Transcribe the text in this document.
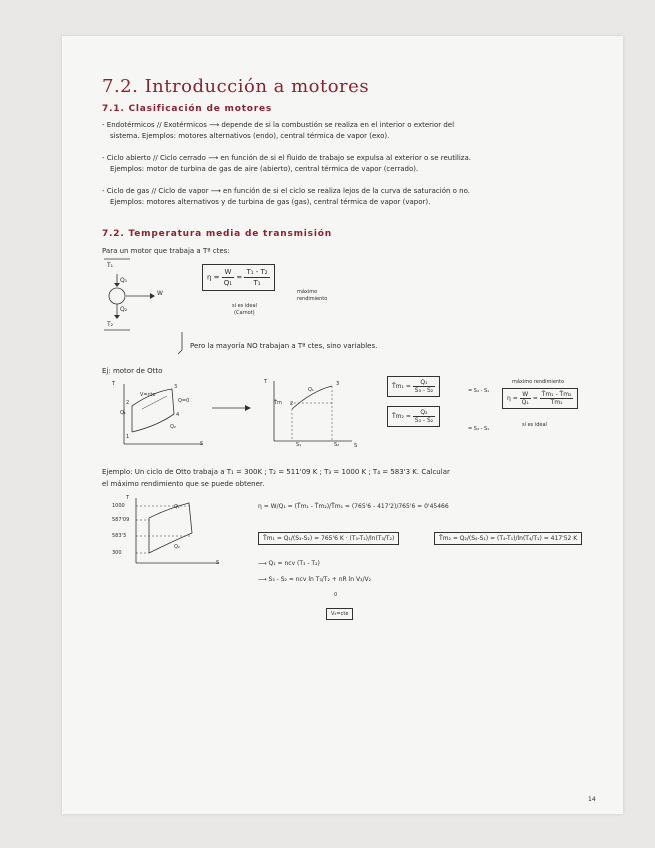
7.2. Introducción a motores
7.1. Clasificación de motores
- Endotérmicos // Exotérmicos ⟶ depende de si la combustión se realiza en el interior o exterior del
sistema. Ejemplos: motores alternativos (endo), central térmica de vapor (exo).
- Ciclo abierto // Ciclo cerrado ⟶ en función de si el fluido de trabajo se expulsa al exterior o se reutiliza.
Ejemplos: motor de turbina de gas de aire (abierto), central térmica de vapor (cerrado).
- Ciclo de gas // Ciclo de vapor ⟶ en función de si el ciclo se realiza lejos de la curva de saturación o no.
Ejemplos: motores alternativos y de turbina de gas (gas), central térmica de vapor (vapor).
7.2. Temperatura media de transmisión
Para un motor que trabaja a Tª ctes:
T₁
Q₁
W
Q₂
T₂
$\eta = \frac{W}{\text{Q₁}} = \frac{\text{T₁ - T₂}}{\text{T₁}}$
máximo
rendimiento
si es ideal
(Carnot)
Pero la mayoría NO trabajan a Tª ctes, sino variables.
Ej: motor de Otto
T
S
V=cte
Q=0
Q₁
Q₂
2
3
4
1
T
S
Q₁
T̄m
S₁	S₂
2
3	T̄m₁ = $\frac{\text{Q₁}}{\text{S₃ - S₂}}$	= S₄ - S₁
T̄m₂ = $\frac{\text{Q₂}}{\text{S₃ - S₂}}$
= S₄ - S₁
máximo rendimiento
$\eta = \frac{W}{\text{Q₁}} = \frac{\text{T̄m₁ - T̄m₂}}{\text{T̄m₁}}$
si es ideal
Ejemplo: Un ciclo de Otto trabaja a T₁ = 300K ; T₂ = 511'09 K ; T₃ = 1000 K ; T₄ = 583'3 K. Calcular
el máximo rendimiento que se puede obtener.
T
S
1000
587'09
583'3
300
Q₁
Q₂
η = W/Q₁ = (T̄m₁ - T̄m₂)/T̄m₁ = (765'6 - 417'2)/765'6 = 0'45466
T̄m₁ = Q₁/(S₃-S₂) = 765'6 K · (T₃-T₂)/ln(T₃/T₂)	T̄m₂ = Q₂/(S₄-S₁) = (T₄-T₁)/ln(T₄/T₁) = 417'52 K
⟶ Q₁ = ncv (T₃ - T₂)
⟶ S₃ - S₂ = ncv ln T₃/T₂ + nR ln V₃/V₂
0
V₃=cte
14
